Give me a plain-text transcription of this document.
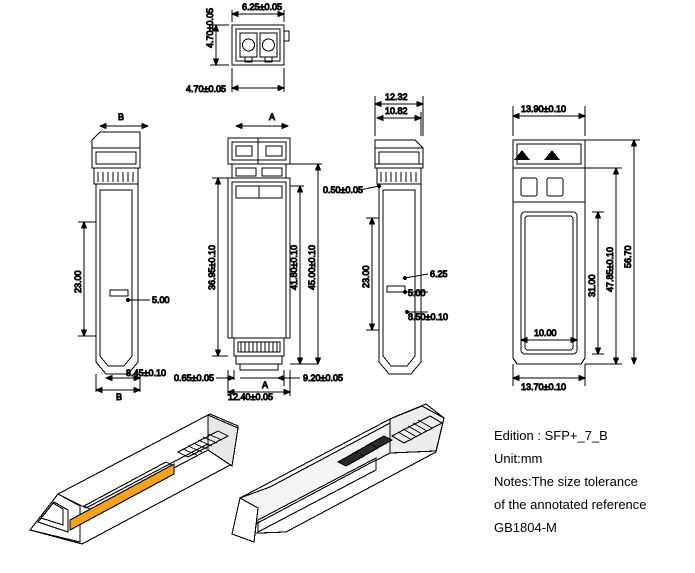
6.25±0.05
4.70±0.05
4.70±0.05
B
23.00
5.00
8.45±0.10
B
A
36.95±0.10	41.80±0.10 45.00±0.10
0.65±0.05	9.20±0.05
12.40±0.05
A
12.32
10.82
0.50±0.05
23.00	6.25
5.00
8.50±0.10
13.90±0.10
13.70±0.10
10.00
31.00 47.85±0.10 56.70
Edition : SFP+_7_B
Unit:mm
Notes:The size tolerance
of the annotated reference
GB1804-M
